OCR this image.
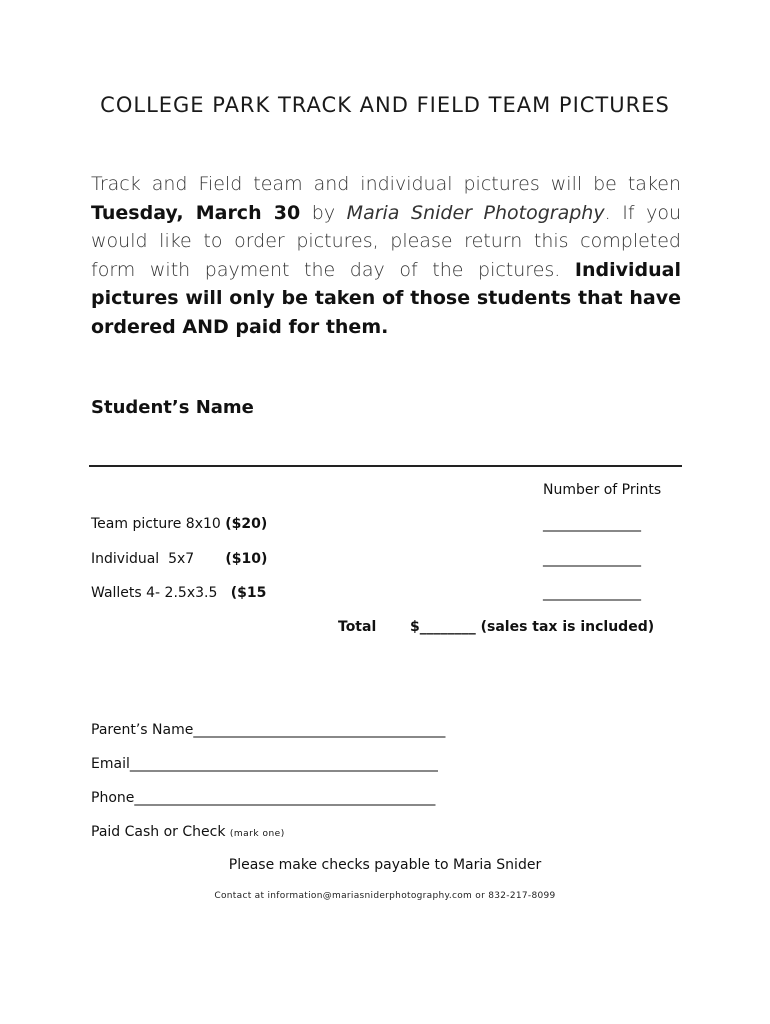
COLLEGE PARK TRACK AND FIELD TEAM PICTURES
Track and Field team and individual pictures will be taken Tuesday, March 30 by Maria Snider Photography. If you would like to order pictures, please return this completed form with payment the day of the pictures. Individual pictures will only be taken of those students that have ordered AND paid for them.
Student’s Name
Number of Prints
Team picture 8x10 ($20)	______________
Individual  5x7       ($10)	______________
Wallets 4- 2.5x3.5   ($15	______________
Total $________ (sales tax is included)
Parent’s Name____________________________________
Email____________________________________________
Phone___________________________________________
Paid Cash or Check (mark one)
Please make checks payable to Maria Snider
Contact at information@mariasniderphotography.com or 832-217-8099
